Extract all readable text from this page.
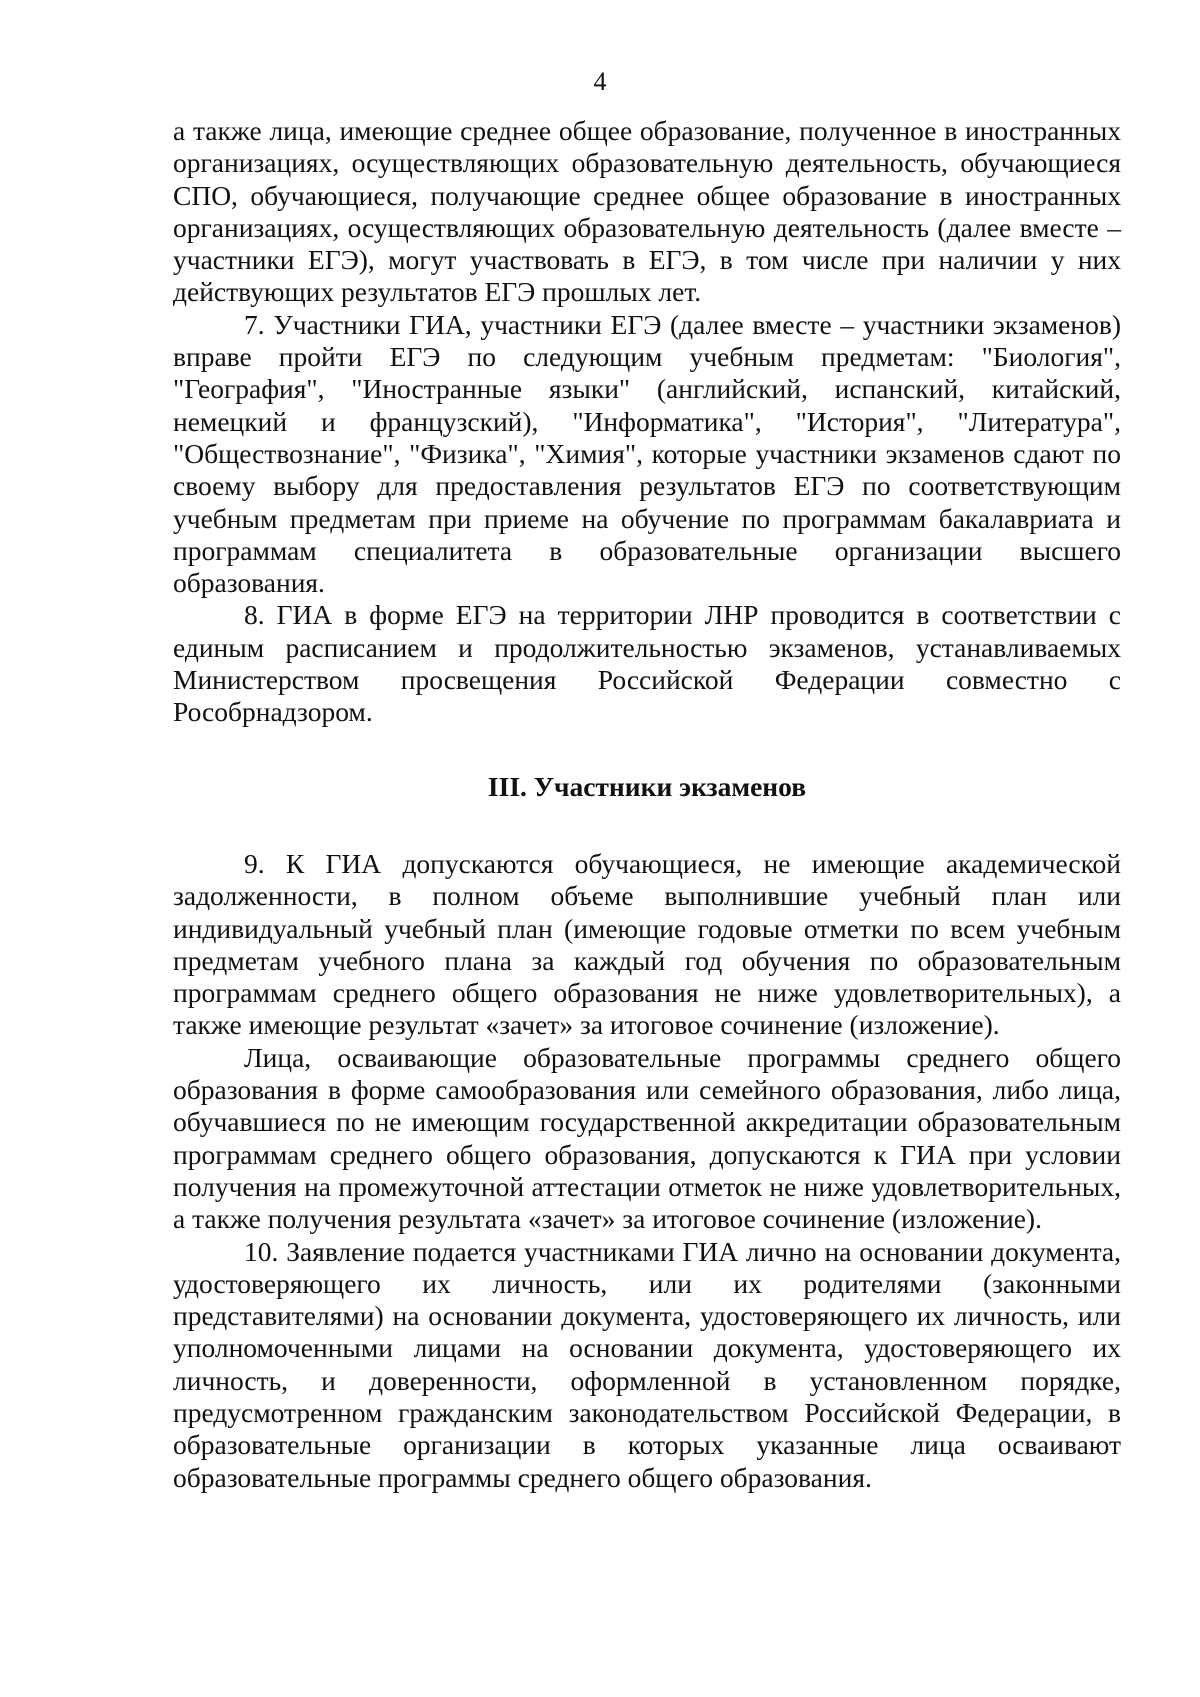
4

а также лица, имеющие среднее общее образование, полученное в иностранных организациях, осуществляющих образовательную деятельность, обучающиеся СПО, обучающиеся, получающие среднее общее образование в иностранных организациях, осуществляющих образовательную деятельность (далее вместе – участники ЕГЭ), могут участвовать в ЕГЭ, в том числе при наличии у них действующих результатов ЕГЭ прошлых лет.

7. Участники ГИА, участники ЕГЭ (далее вместе – участники экзаменов) вправе пройти ЕГЭ по следующим учебным предметам: "Биология", "География", "Иностранные языки" (английский, испанский, китайский, немецкий и французский), "Информатика", "История", "Литература", "Обществознание", "Физика", "Химия", которые участники экзаменов сдают по своему выбору для предоставления результатов ЕГЭ по соответствующим учебным предметам при приеме на обучение по программам бакалавриата и программам специалитета в образовательные организации высшего образования.

8. ГИА в форме ЕГЭ на территории ЛНР проводится в соответствии с единым расписанием и продолжительностью экзаменов, устанавливаемых Министерством просвещения Российской Федерации совместно с Рособрнадзором.

III. Участники экзаменов

9. К ГИА допускаются обучающиеся, не имеющие академической задолженности, в полном объеме выполнившие учебный план или индивидуальный учебный план (имеющие годовые отметки по всем учебным предметам учебного плана за каждый год обучения по образовательным программам среднего общего образования не ниже удовлетворительных), а также имеющие результат «зачет» за итоговое сочинение (изложение).

Лица, осваивающие образовательные программы среднего общего образования в форме самообразования или семейного образования, либо лица, обучавшиеся по не имеющим государственной аккредитации образовательным программам среднего общего образования, допускаются к ГИА при условии получения на промежуточной аттестации отметок не ниже удовлетворительных, а также получения результата «зачет» за итоговое сочинение (изложение).

10. Заявление подается участниками ГИА лично на основании документа, удостоверяющего их личность, или их родителями (законными представителями) на основании документа, удостоверяющего их личность, или уполномоченными лицами на основании документа, удостоверяющего их личность, и доверенности, оформленной в установленном порядке, предусмотренном гражданским законодательством Российской Федерации, в образовательные организации в которых указанные лица осваивают образовательные программы среднего общего образования.
